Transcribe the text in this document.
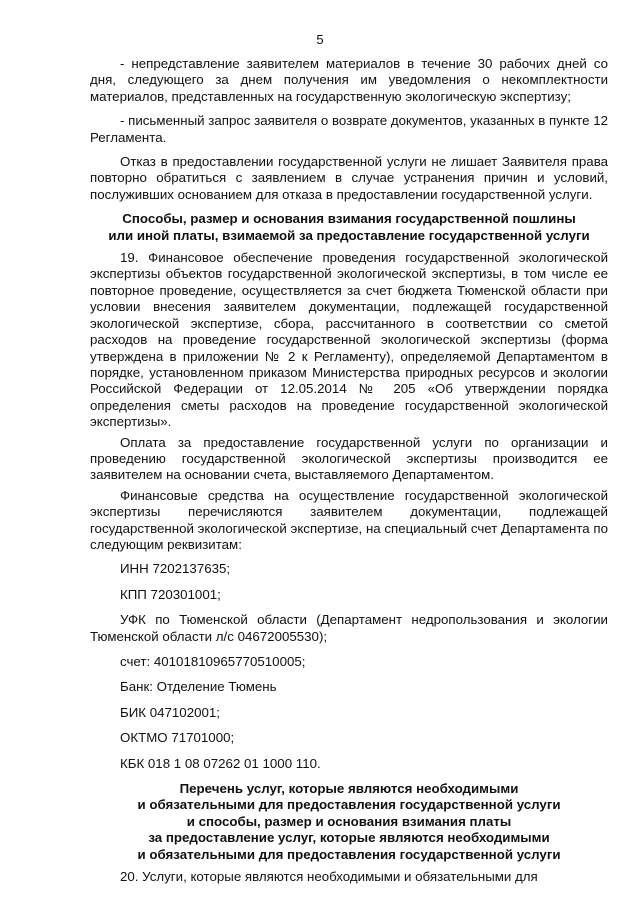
5

- непредставление заявителем материалов в течение 30 рабочих дней со дня, следующего за днем получения им уведомления о некомплектности материалов, представленных на государственную экологическую экспертизу;

- письменный запрос заявителя о возврате документов, указанных в пункте 12 Регламента.

Отказ в предоставлении государственной услуги не лишает Заявителя права повторно обратиться с заявлением в случае устранения причин и условий, послуживших основанием для отказа в предоставлении государственной услуги.

Способы, размер и основания взимания государственной пошлины
или иной платы, взимаемой за предоставление государственной услуги

19. Финансовое обеспечение проведения государственной экологической экспертизы объектов государственной экологической экспертизы, в том числе ее повторное проведение, осуществляется за счет бюджета Тюменской области при условии внесения заявителем документации, подлежащей государственной экологической экспертизе, сбора, рассчитанного в соответствии со сметой расходов на проведение государственной экологической экспертизы (форма утверждена в приложении № 2 к Регламенту), определяемой Департаментом в порядке, установленном приказом Министерства природных ресурсов и экологии Российской Федерации от 12.05.2014 № 205 «Об утверждении порядка определения сметы расходов на проведение государственной экологической экспертизы».

Оплата за предоставление государственной услуги по организации и проведению государственной экологической экспертизы производится ее заявителем на основании счета, выставляемого Департаментом.

Финансовые средства на осуществление государственной экологической экспертизы перечисляются заявителем документации, подлежащей государственной экологической экспертизе, на специальный счет Департамента по следующим реквизитам:

ИНН 7202137635;

КПП 720301001;

УФК по Тюменской области (Департамент недропользования и экологии Тюменской области л/с 04672005530);

счет: 40101810965770510005;

Банк: Отделение Тюмень

БИК 047102001;

ОКТМО 71701000;

КБК 018 1 08 07262 01 1000 110.

Перечень услуг, которые являются необходимыми
и обязательными для предоставления государственной услуги
и способы, размер и основания взимания платы
за предоставление услуг, которые являются необходимыми
и обязательными для предоставления государственной услуги

20. Услуги, которые являются необходимыми и обязательными для
